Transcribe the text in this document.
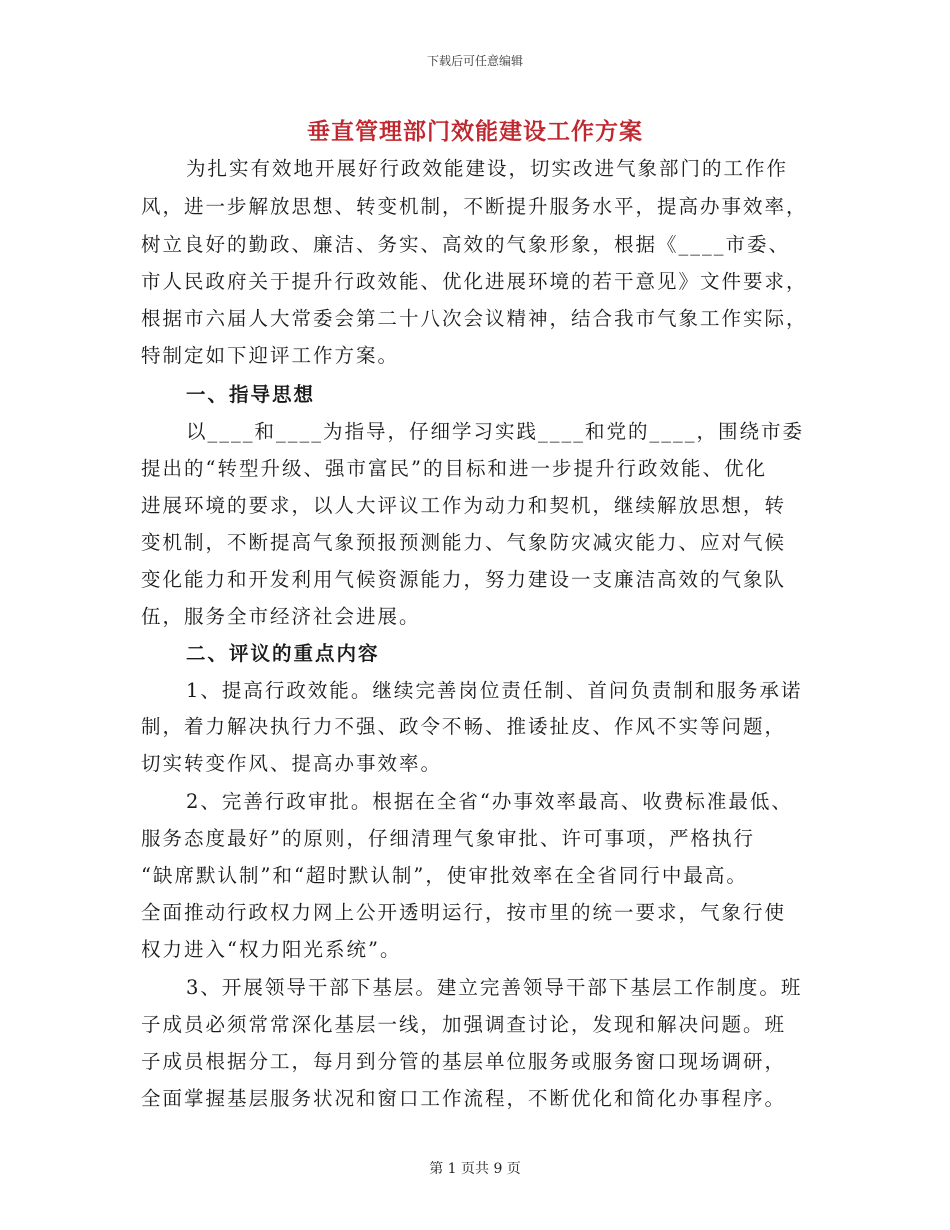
下载后可任意编辑
垂直管理部门效能建设工作方案
为扎实有效地开展好行政效能建设，切实改进气象部门的工作作
风，进一步解放思想、转变机制，不断提升服务水平，提高办事效率，
树立良好的勤政、廉洁、务实、高效的气象形象，根据《____市委、
市人民政府关于提升行政效能、优化进展环境的若干意见》文件要求，
根据市六届人大常委会第二十八次会议精神，结合我市气象工作实际，
特制定如下迎评工作方案。
一、指导思想
以____和____为指导，仔细学习实践____和党的____，围绕市委
提出的“转型升级、强市富民”的目标和进一步提升行政效能、优化
进展环境的要求，以人大评议工作为动力和契机，继续解放思想，转
变机制，不断提高气象预报预测能力、气象防灾减灾能力、应对气候
变化能力和开发利用气候资源能力，努力建设一支廉洁高效的气象队
伍，服务全市经济社会进展。
二、评议的重点内容
1、提高行政效能。继续完善岗位责任制、首问负责制和服务承诺
制，着力解决执行力不强、政令不畅、推诿扯皮、作风不实等问题，
切实转变作风、提高办事效率。
2、完善行政审批。根据在全省“办事效率最高、收费标准最低、
服务态度最好”的原则，仔细清理气象审批、许可事项，严格执行
“缺席默认制”和“超时默认制”，使审批效率在全省同行中最高。
全面推动行政权力网上公开透明运行，按市里的统一要求，气象行使
权力进入“权力阳光系统”。
3、开展领导干部下基层。建立完善领导干部下基层工作制度。班
子成员必须常常深化基层一线，加强调查讨论，发现和解决问题。班
子成员根据分工，每月到分管的基层单位服务或服务窗口现场调研，
全面掌握基层服务状况和窗口工作流程，不断优化和简化办事程序。
第 1 页共 9 页
